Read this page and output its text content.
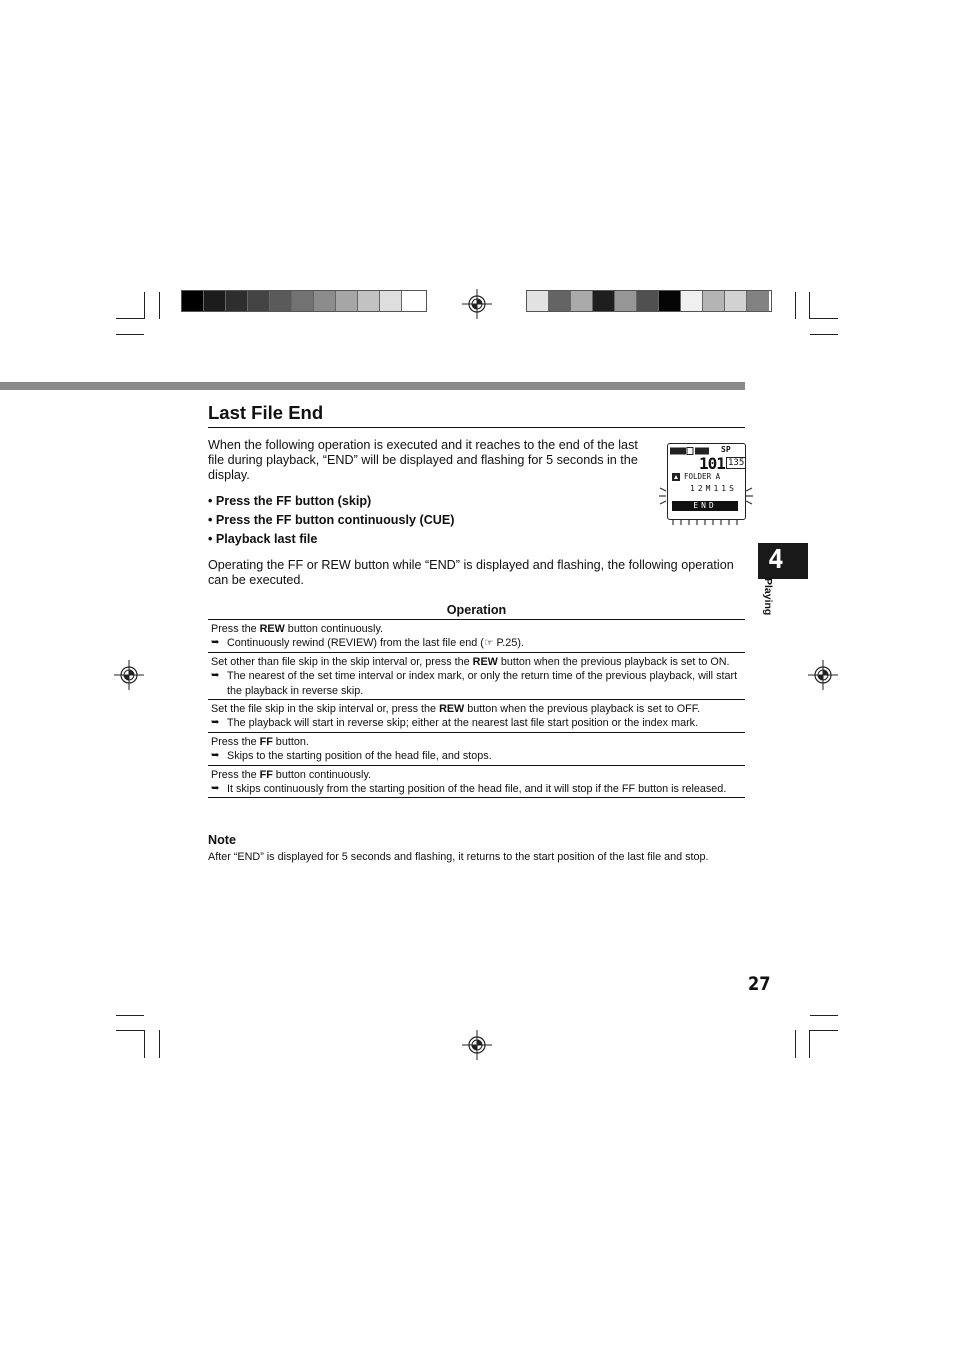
Last File End
When the following operation is executed and it reaches to the end of the last file during playback, “END” will be displayed and flashing for 5 seconds in the display.
• Press the FF button (skip)
• Press the FF button continuously (CUE)
• Playback last file
SP
101 135
FOLDER A
12M11S
END
Operating the FF or REW button while “END” is displayed and flashing, the following operation can be executed.
Operation
Press the REW button continuously.
➥ Continuously rewind (REVIEW) from the last file end (☞ P.25).
Set other than file skip in the skip interval or, press the REW button when the previous playback is set to ON.
➥ The nearest of the set time interval or index mark, or only the return time of the previous playback, will start the playback in reverse skip.
Set the file skip in the skip interval or, press the REW button when the previous playback is set to OFF.
➥ The playback will start in reverse skip; either at the nearest last file start position or the index mark.
Press the FF button.
➥ Skips to the starting position of the head file, and stops.
Press the FF button continuously.
➥ It skips continuously from the starting position of the head file, and it will stop if the FF button is released.
Note
After “END” is displayed for 5 seconds and flashing, it returns to the start position of the last file and stop.
4
Playing
27
